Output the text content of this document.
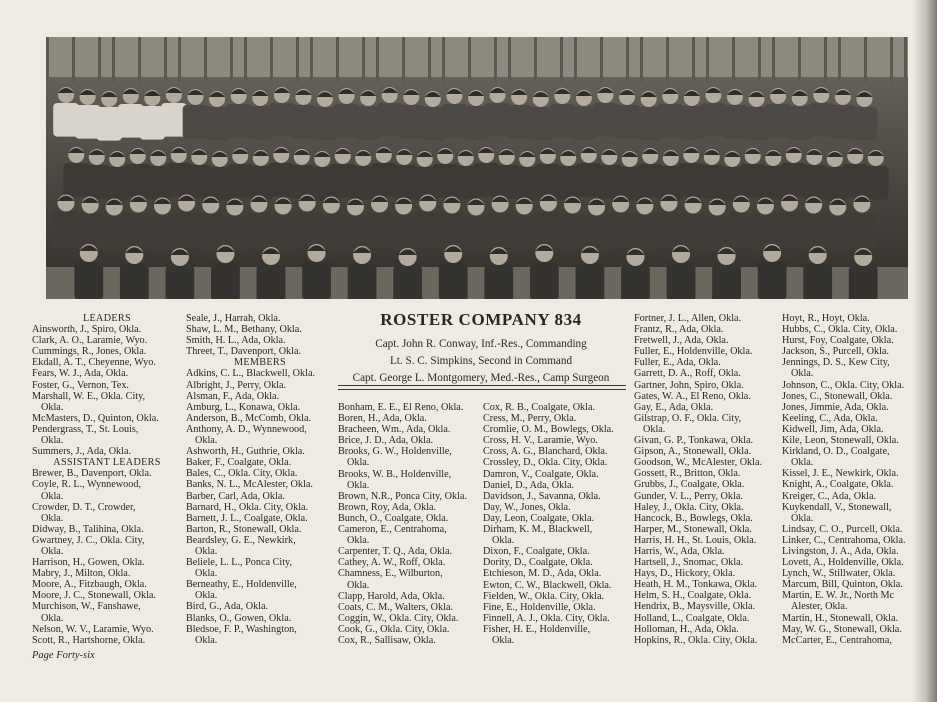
LEADERS
Ainsworth, J., Spiro, Okla.
Clark, A. O., Laramie, Wyo.
Cummings, R., Jones, Okla.
Ekdall, A. T., Cheyenne, Wyo.
Fears, W. J., Ada, Okla.
Foster, G., Vernon, Tex.
Marshall, W. E., Okla. City,
Okla.
McMasters, D., Quinton, Okla.
Pendergrass, T., St. Louis,
Okla.
Summers, J., Ada, Okla.
ASSISTANT LEADERS
Brewer, B., Davenport, Okla.
Coyle, R. L., Wynnewood,
Okla.
Crowder, D. T., Crowder,
Okla.
Didway, B., Talihina, Okla.
Gwartney, J. C., Okla. City,
Okla.
Harrison, H., Gowen, Okla.
Mabry, J., Milton, Okla.
Moore, A., Fitzbaugh, Okla.
Moore, J. C., Stonewall, Okla.
Murchison, W., Fanshawe,
Okla.
Nelson, W. V., Laramie, Wyo.
Scott, R., Hartshorne, Okla.
Seale, J., Harrah, Okla.
Shaw, L. M., Bethany, Okla.
Smith, H. L., Ada, Okla.
Threet, T., Davenport, Okla.
MEMBERS
Adkins, C. L., Blackwell, Okla.
Albright, J., Perry, Okla.
Alsman, F., Ada, Okla.
Amburg, L., Konawa, Okla.
Anderson, B., McComb, Okla.
Anthony, A. D., Wynnewood,
Okla.
Ashworth, H., Guthrie, Okla.
Baker, F., Coalgate, Okla.
Bales, C., Okla. City, Okla.
Banks, N. L., McAlester, Okla.
Barber, Carl, Ada, Okla.
Barnard, H., Okla. City, Okla.
Barnett, J. L., Coalgate, Okla.
Barton, R., Stonewall, Okla.
Beardsley, G. E., Newkirk,
Okla.
Beliele, L. L., Ponca City,
Okla.
Berneathy, E., Holdenville,
Okla.
Bird, G., Ada, Okla.
Blanks, O., Gowen, Okla.
Bledsoe, F. P., Washington,
Okla.
ROSTER COMPANY 834
Capt. John R. Conway, Inf.-Res., Commanding
Lt. S. C. Simpkins, Second in Command
Capt. George L. Montgomery, Med.-Res., Camp Surgeon
Bonham, E. E., El Reno, Okla.
Boren, H., Ada, Okla.
Bracheen, Wm., Ada, Okla.
Brice, J. D., Ada, Okla.
Brooks, G. W., Holdenville,
Okla.
Brooks, W. B., Holdenville,
Okla.
Brown, N.R., Ponca City, Okla.
Brown, Roy, Ada, Okla.
Bunch, O., Coalgate, Okla.
Cameron, E., Centrahoma,
Okla.
Carpenter, T. Q., Ada, Okla.
Cathey, A. W., Roff, Okla.
Chamness, E., Wilburton,
Okla.
Clapp, Harold, Ada, Okla.
Coats, C. M., Walters, Okla.
Coggin, W., Okla. City, Okla.
Cook, G., Okla. City, Okla.
Cox, R., Sallisaw, Okla.
Cox, R. B., Coalgate, Okla.
Cress, M., Perry, Okla.
Cromlie, O. M., Bowlegs, Okla.
Cross, H. V., Laramie, Wyo.
Cross, A. G., Blanchard, Okla.
Crossley, D., Okla. City, Okla.
Damron, V., Coalgate, Okla.
Daniel, D., Ada, Okla.
Davidson, J., Savanna, Okla.
Day, W., Jones, Okla.
Day, Leon, Coalgate, Okla.
Dirham, K. M., Blackwell,
Okla.
Dixon, F., Coalgate, Okla.
Dority, D., Coalgate, Okla.
Etchieson, M. D., Ada, Okla.
Ewton, C. W., Blackwell, Okla.
Fielden, W., Okla. City, Okla.
Fine, E., Holdenville, Okla.
Finnell, A. J., Okla. City, Okla.
Fisher, H. E., Holdenville,
Okla.
Fortner, J. L., Allen, Okla.
Frantz, R., Ada, Okla.
Fretwell, J., Ada, Okla.
Fuller, E., Holdenville, Okla.
Fuller, E., Ada, Okla.
Garrett, D. A., Roff, Okla.
Gartner, John, Spiro, Okla.
Gates, W. A., El Reno, Okla.
Gay, E., Ada, Okla.
Gilstrap, O. F., Okla. City,
Okla.
Givan, G. P., Tonkawa, Okla.
Gipson, A., Stonewall, Okla.
Goodson, W., McAlester, Okla.
Gossett, R., Britton, Okla.
Grubbs, J., Coalgate, Okla.
Gunder, V. L., Perry, Okla.
Haley, J., Okla. City, Okla.
Hancock, B., Bowlegs, Okla.
Harper, M., Stonewall, Okla.
Harris, H. H., St. Louis, Okla.
Harris, W., Ada, Okla.
Hartsell, J., Snomac, Okla.
Hays, D., Hickory, Okla.
Heath, H. M., Tonkawa, Okla.
Helm, S. H., Coalgate, Okla.
Hendrix, B., Maysville, Okla.
Holland, L., Coalgate, Okla.
Holloman, H., Ada, Okla.
Hopkins, R., Okla. City, Okla.
Hoyt, R., Hoyt, Okla.
Hubbs, C., Okla. City, Okla.
Hurst, Foy, Coalgate, Okla.
Jackson, S., Purcell, Okla.
Jennings, D. S., Kew City,
Okla.
Johnson, C., Okla. City, Okla.
Jones, C., Stonewall, Okla.
Jones, Jimmie, Ada, Okla.
Keeling, C., Ada, Okla.
Kidwell, Jim, Ada, Okla.
Kile, Leon, Stonewall, Okla.
Kirkland, O. D., Coalgate,
Okla.
Kissel, J. E., Newkirk, Okla.
Knight, A., Coalgate, Okla.
Kreiger, C., Ada, Okla.
Kuykendall, V., Stonewall,
Okla.
Lindsay, C. O., Purcell, Okla.
Linker, C., Centrahoma, Okla.
Livingston, J. A., Ada, Okla.
Lovett, A., Holdenville, Okla.
Lynch, W., Stillwater, Okla.
Marcum, Bill, Quinton, Okla.
Martin, E. W. Jr., North Mc
Alester, Okla.
Martin, H., Stonewall, Okla.
May, W. G., Stonewall, Okla.
McCarter, E., Centrahoma,
Page Forty-six
